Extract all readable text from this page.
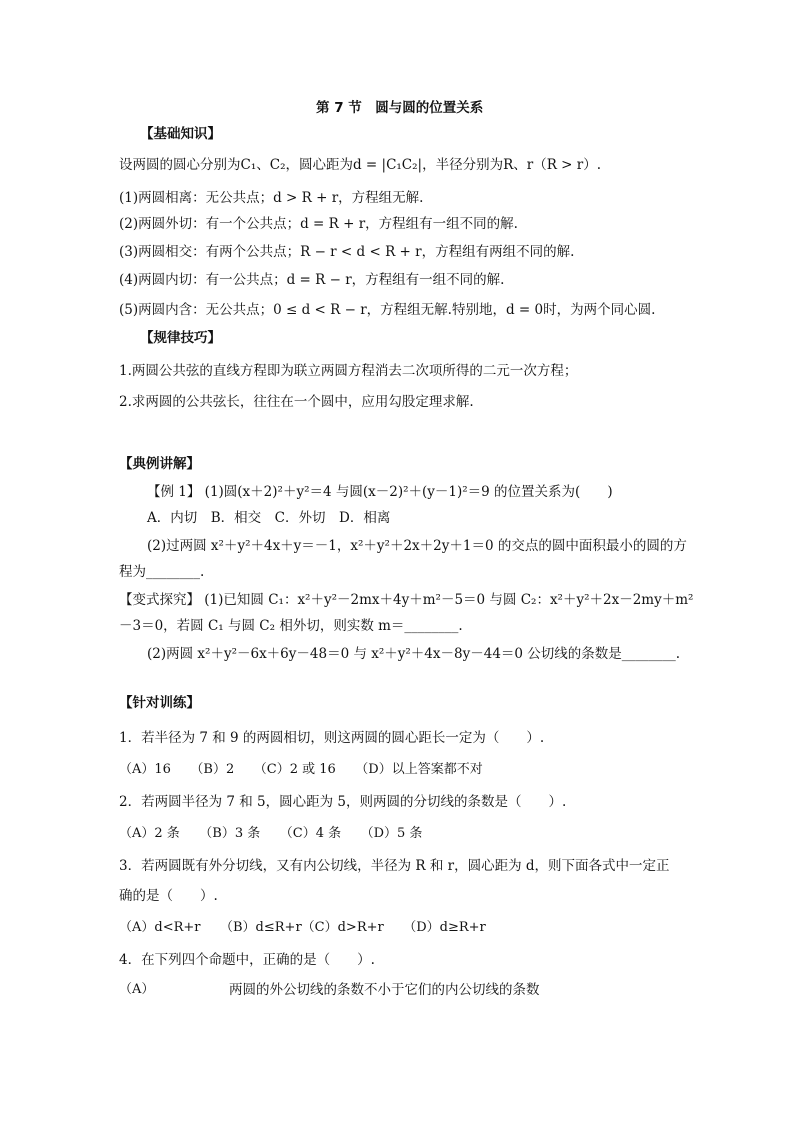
第 7 节　圆与圆的位置关系
【基础知识】
设两圆的圆心分别为C₁、C₂，圆心距为d = |C₁C₂|，半径分别为R、r（R > r）.
(1)两圆相离：无公共点；d > R + r，方程组无解.
(2)两圆外切：有一个公共点；d = R + r，方程组有一组不同的解.
(3)两圆相交：有两个公共点；R − r < d < R + r，方程组有两组不同的解.
(4)两圆内切：有一公共点；d = R − r，方程组有一组不同的解.
(5)两圆内含：无公共点；0 ≤ d < R − r，方程组无解.特别地，d = 0时，为两个同心圆.
【规律技巧】
1.两圆公共弦的直线方程即为联立两圆方程消去二次项所得的二元一次方程；
2.求两圆的公共弦长，往往在一个圆中，应用勾股定理求解.
【典例讲解】
【例 1】 (1)圆(x＋2)²＋y²＝4 与圆(x－2)²＋(y－1)²＝9 的位置关系为(　　)
A．内切　B．相交　C．外切　D．相离
(2)过两圆 x²＋y²＋4x＋y＝－1，x²＋y²＋2x＋2y＋1＝0 的交点的圆中面积最小的圆的方
程为________.
【变式探究】 (1)已知圆 C₁：x²＋y²－2mx＋4y＋m²－5＝0 与圆 C₂：x²＋y²＋2x－2my＋m²
－3＝0，若圆 C₁ 与圆 C₂ 相外切，则实数 m＝________.
(2)两圆 x²＋y²－6x＋6y－48＝0 与 x²＋y²＋4x－8y－44＝0 公切线的条数是________.
【针对训练】
1．若半径为 7 和 9 的两圆相切，则这两圆的圆心距长一定为（　　）.
（A）16　　（B）2　　（C）2 或 16　　（D）以上答案都不对
2．若两圆半径为 7 和 5，圆心距为 5，则两圆的分切线的条数是（　　）.
（A）2 条　　（B）3 条　　（C）4 条　　（D）5 条
3．若两圆既有外分切线，又有内公切线，半径为 R 和 r，圆心距为 d，则下面各式中一定正
确的是（　　）.
（A）d<R+r　　（B）d≤R+r（C）d>R+r　　（D）d≥R+r
4．在下列四个命题中，正确的是（　　）.
（A）	两圆的外公切线的条数不小于它们的内公切线的条数
